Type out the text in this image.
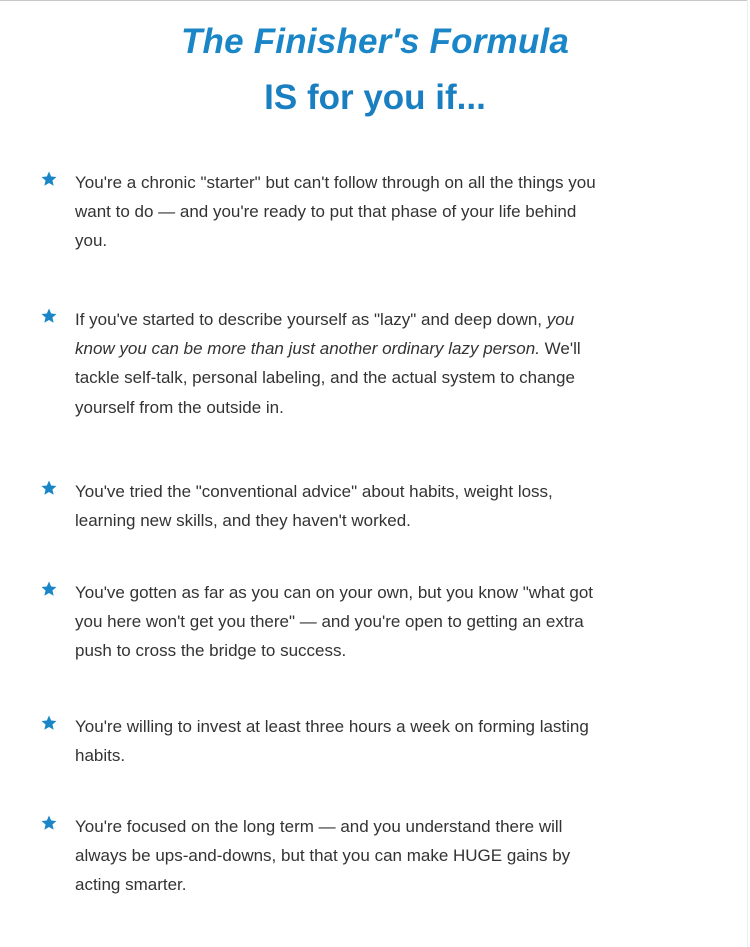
The Finisher's Formula
IS for you if...
You're a chronic "starter" but can't follow through on all the things you want to do — and you're ready to put that phase of your life behind you.
If you've started to describe yourself as "lazy" and deep down, you know you can be more than just another ordinary lazy person. We'll tackle self-talk, personal labeling, and the actual system to change yourself from the outside in.
You've tried the "conventional advice" about habits, weight loss, learning new skills, and they haven't worked.
You've gotten as far as you can on your own, but you know "what got you here won't get you there" — and you're open to getting an extra push to cross the bridge to success.
You're willing to invest at least three hours a week on forming lasting habits.
You're focused on the long term — and you understand there will always be ups-and-downs, but that you can make HUGE gains by acting smarter.
